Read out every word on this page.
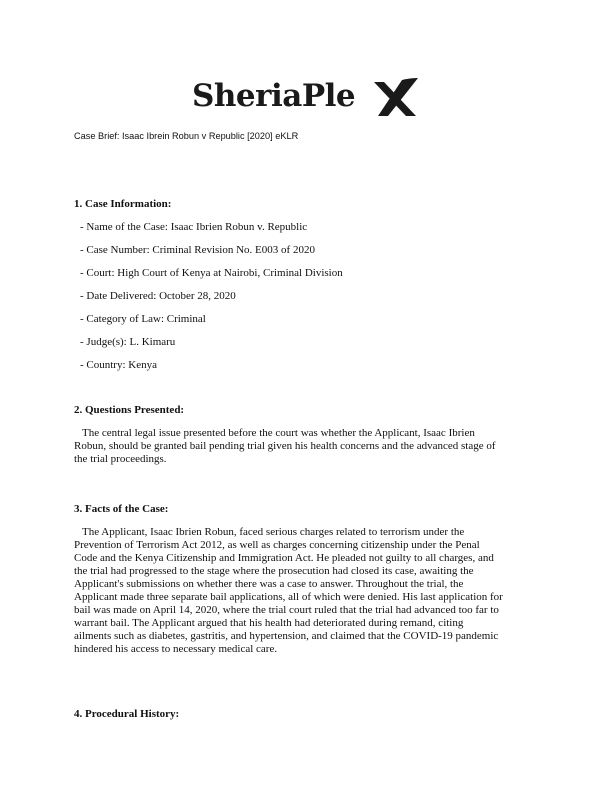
SheriaPle
Case Brief: Isaac Ibrein Robun v Republic [2020] eKLR
1. Case Information:
- Name of the Case: Isaac Ibrien Robun v. Republic
- Case Number: Criminal Revision No. E003 of 2020
- Court: High Court of Kenya at Nairobi, Criminal Division
- Date Delivered: October 28, 2020
- Category of Law: Criminal
- Judge(s): L. Kimaru
- Country: Kenya
2. Questions Presented:
The central legal issue presented before the court was whether the Applicant, Isaac Ibrien
Robun, should be granted bail pending trial given his health concerns and the advanced stage of
the trial proceedings.
3. Facts of the Case:
The Applicant, Isaac Ibrien Robun, faced serious charges related to terrorism under the
Prevention of Terrorism Act 2012, as well as charges concerning citizenship under the Penal
Code and the Kenya Citizenship and Immigration Act. He pleaded not guilty to all charges, and
the trial had progressed to the stage where the prosecution had closed its case, awaiting the
Applicant's submissions on whether there was a case to answer. Throughout the trial, the
Applicant made three separate bail applications, all of which were denied. His last application for
bail was made on April 14, 2020, where the trial court ruled that the trial had advanced too far to
warrant bail. The Applicant argued that his health had deteriorated during remand, citing
ailments such as diabetes, gastritis, and hypertension, and claimed that the COVID-19 pandemic
hindered his access to necessary medical care.
4. Procedural History:
